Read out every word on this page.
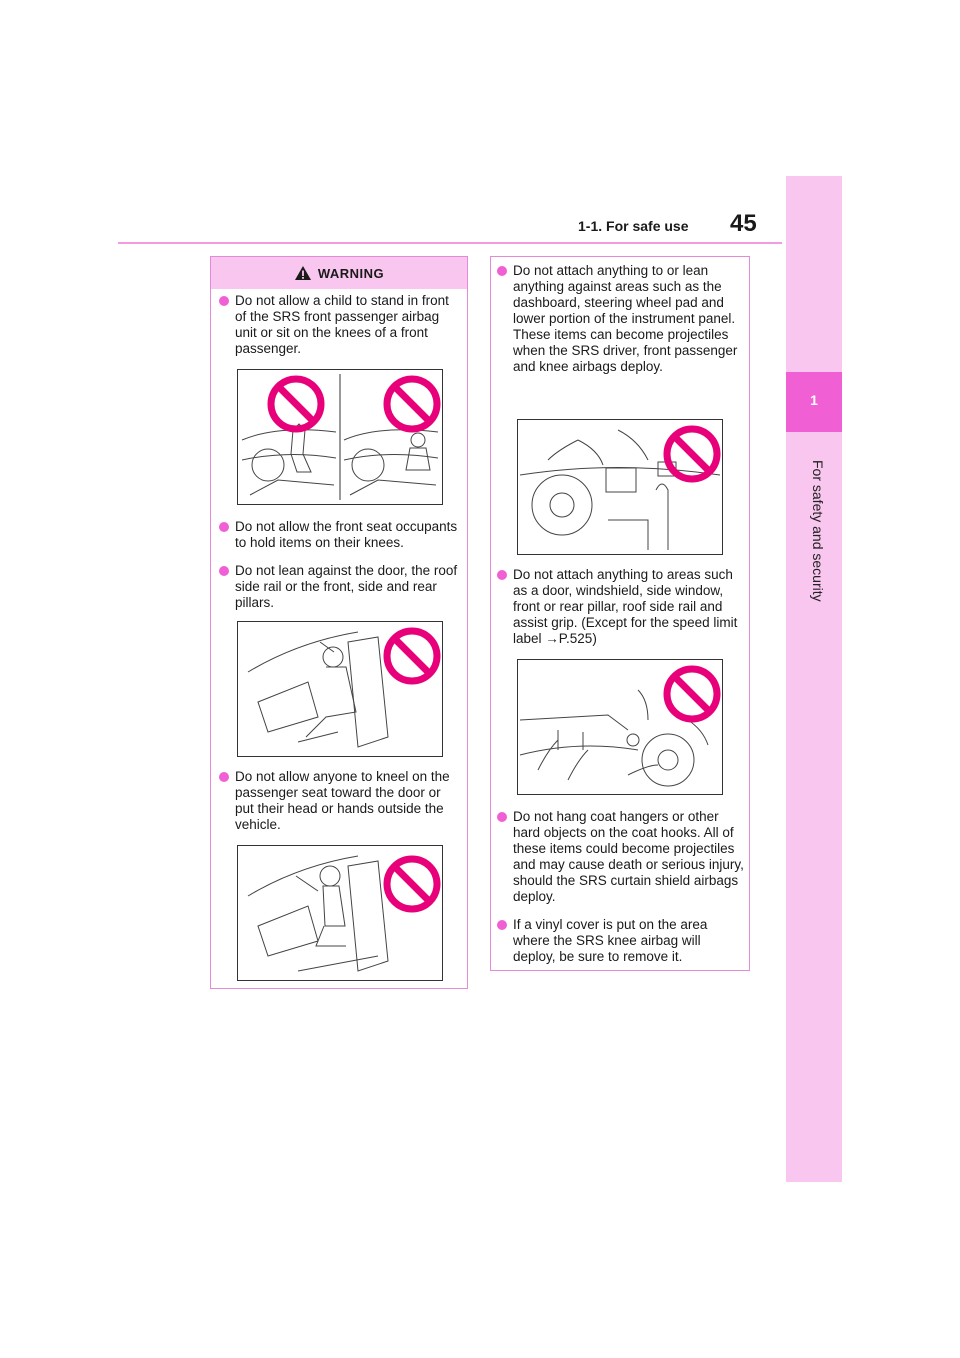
1-1. For safe use 45
1
For safety and security
WARNING
Do not allow a child to stand in front of the SRS front passenger airbag unit or sit on the knees of a front passenger.
Do not allow the front seat occupants to hold items on their knees.
Do not lean against the door, the roof side rail or the front, side and rear pillars.
Do not allow anyone to kneel on the passenger seat toward the door or put their head or hands outside the vehicle.
Do not attach anything to or lean anything against areas such as the dashboard, steering wheel pad and lower portion of the instrument panel.
These items can become projectiles when the SRS driver, front passenger and knee airbags deploy.
Do not attach anything to areas such as a door, windshield, side window, front or rear pillar, roof side rail and assist grip. (Except for the speed limit label →P.525)
Do not hang coat hangers or other hard objects on the coat hooks. All of these items could become projectiles and may cause death or serious injury, should the SRS curtain shield airbags deploy.
If a vinyl cover is put on the area where the SRS knee airbag will deploy, be sure to remove it.
